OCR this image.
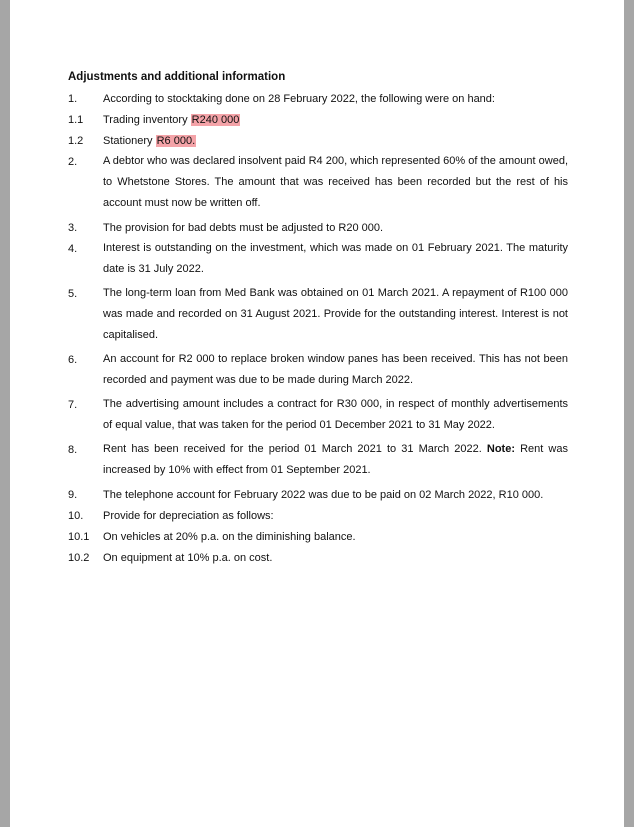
Adjustments and additional information
1.	According to stocktaking done on 28 February 2022, the following were on hand:
1.1	Trading inventory R240 000
1.2	Stationery R6 000.
2.	A debtor who was declared insolvent paid R4 200, which represented 60% of the amount owed, to Whetstone Stores. The amount that was received has been recorded but the rest of his account must now be written off.
3.	The provision for bad debts must be adjusted to R20 000.
4.	Interest is outstanding on the investment, which was made on 01 February 2021. The maturity date is 31 July 2022.
5.	The long-term loan from Med Bank was obtained on 01 March 2021. A repayment of R100 000 was made and recorded on 31 August 2021. Provide for the outstanding interest. Interest is not capitalised.
6.	An account for R2 000 to replace broken window panes has been received. This has not been recorded and payment was due to be made during March 2022.
7.	The advertising amount includes a contract for R30 000, in respect of monthly advertisements of equal value, that was taken for the period 01 December 2021 to 31 May 2022.
8.	Rent has been received for the period 01 March 2021 to 31 March 2022. Note: Rent was increased by 10% with effect from 01 September 2021.
9.	The telephone account for February 2022 was due to be paid on 02 March 2022, R10 000.
10.	Provide for depreciation as follows:
10.1	On vehicles at 20% p.a. on the diminishing balance.
10.2	On equipment at 10% p.a. on cost.
